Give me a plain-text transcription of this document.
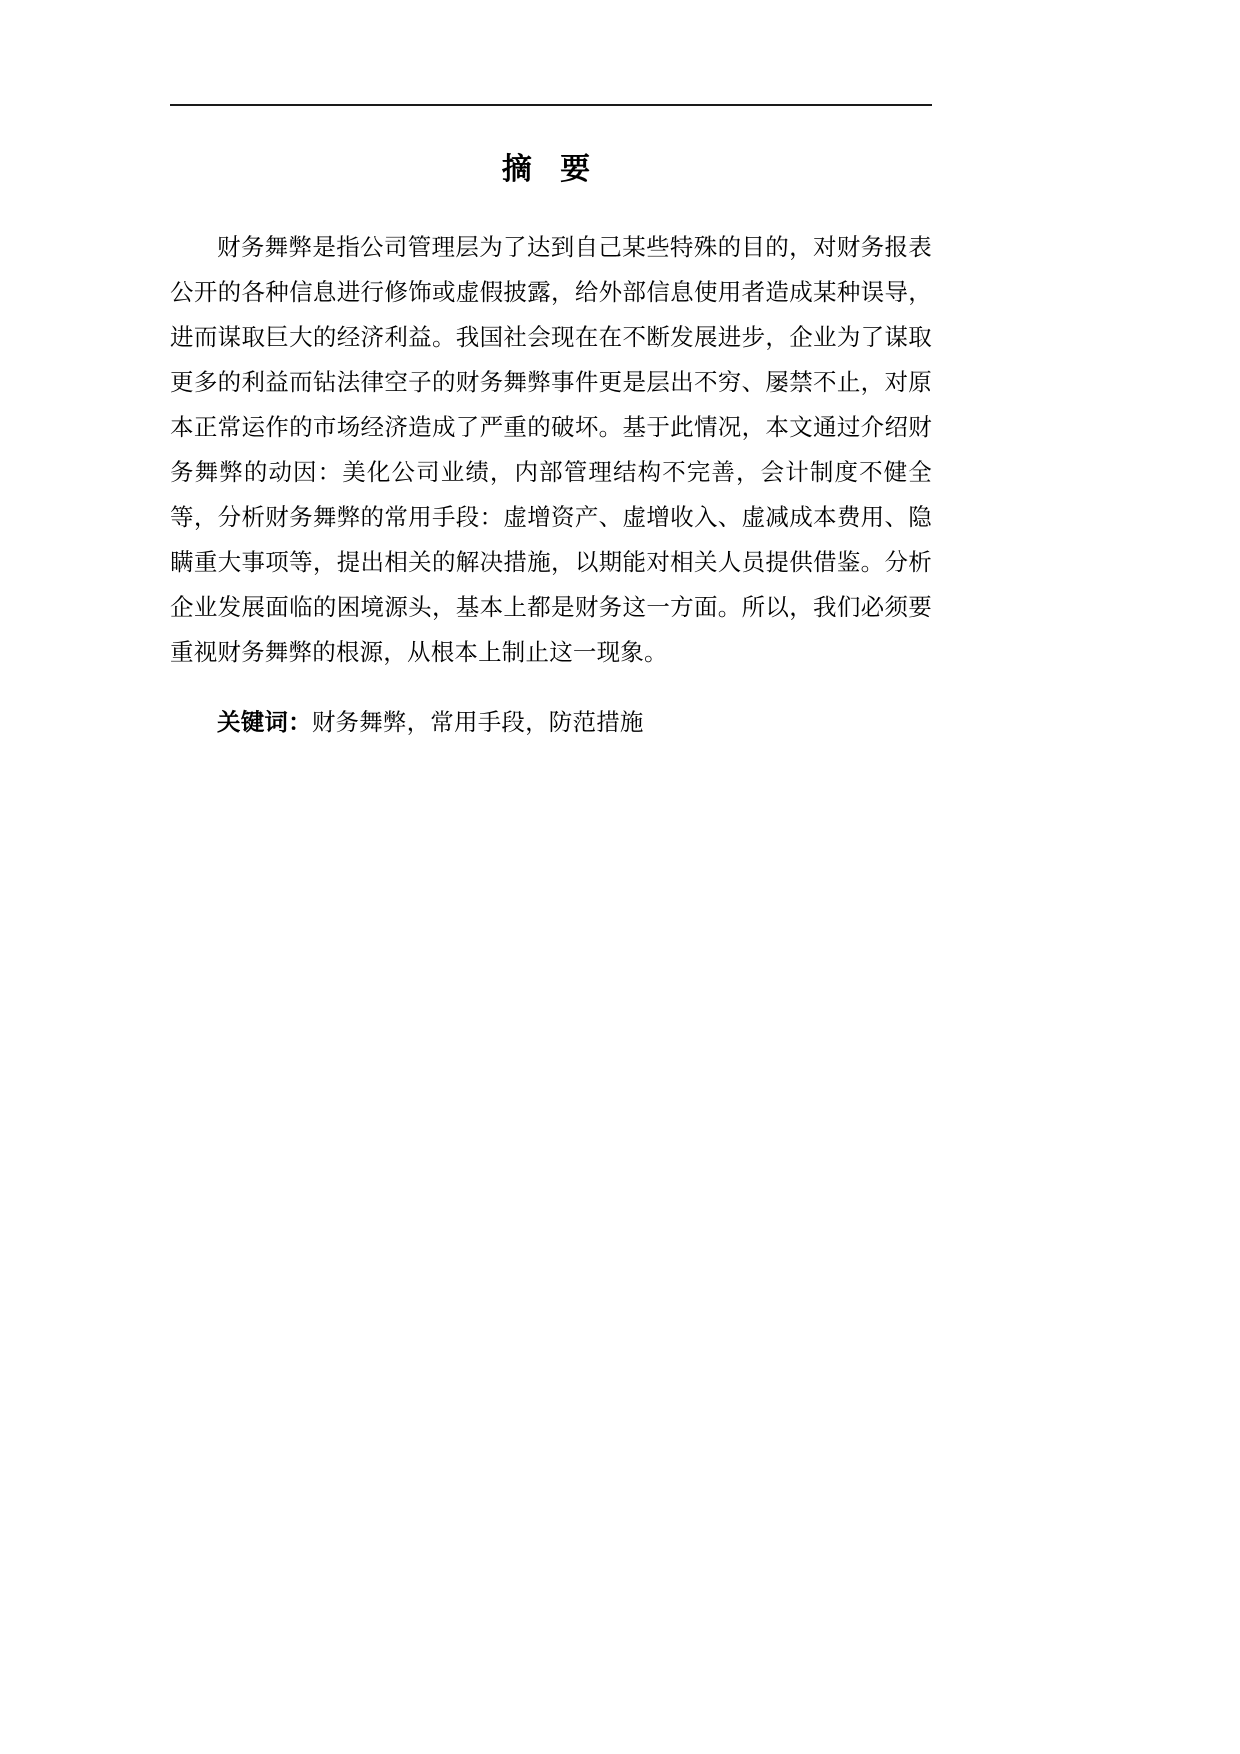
摘 要

财务舞弊是指公司管理层为了达到自己某些特殊的目的，对财务报表公开的各种信息进行修饰或虚假披露，给外部信息使用者造成某种误导，进而谋取巨大的经济利益。我国社会现在在不断发展进步，企业为了谋取更多的利益而钻法律空子的财务舞弊事件更是层出不穷、屡禁不止，对原本正常运作的市场经济造成了严重的破坏。基于此情况，本文通过介绍财务舞弊的动因：美化公司业绩，内部管理结构不完善，会计制度不健全等，分析财务舞弊的常用手段：虚增资产、虚增收入、虚减成本费用、隐瞒重大事项等，提出相关的解决措施，以期能对相关人员提供借鉴。分析企业发展面临的困境源头，基本上都是财务这一方面。所以，我们必须要重视财务舞弊的根源，从根本上制止这一现象。

关键词：财务舞弊，常用手段，防范措施
